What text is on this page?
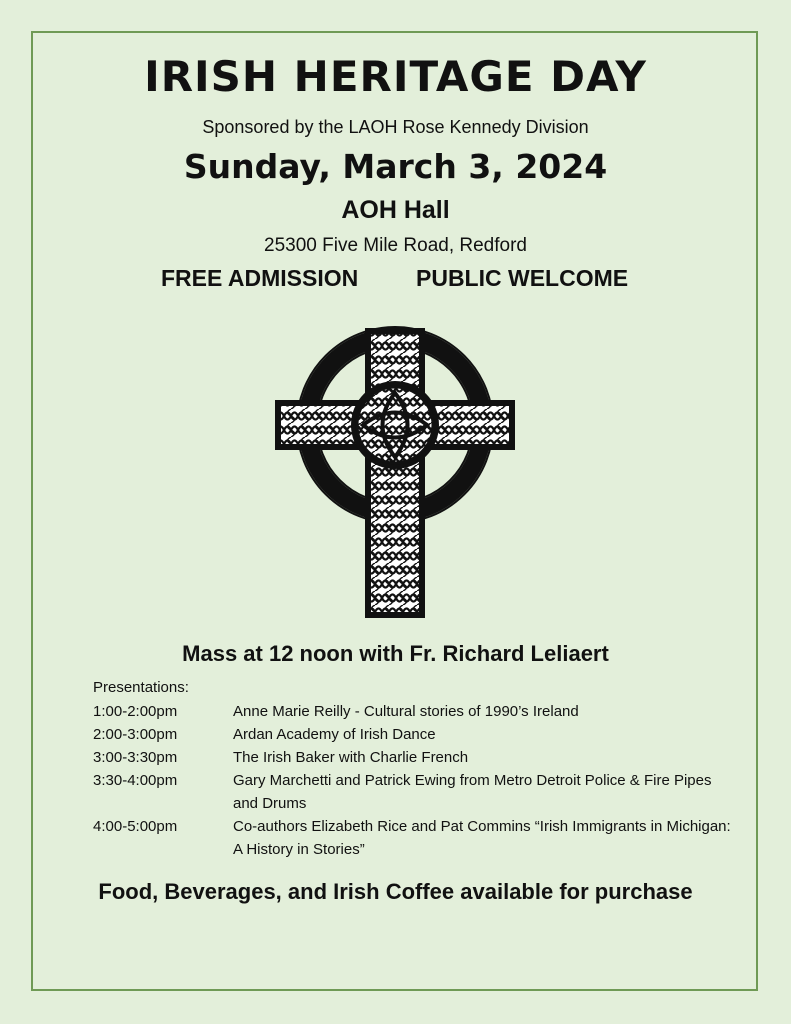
IRISH HERITAGE DAY
Sponsored by the LAOH Rose Kennedy Division
Sunday, March 3, 2024
AOH Hall
25300 Five Mile Road, Redford
FREE ADMISSION	PUBLIC WELCOME
Mass at 12 noon with Fr. Richard Leliaert
Presentations:
1:00-2:00pm	Anne Marie Reilly - Cultural stories of 1990’s Ireland
2:00-3:00pm	Ardan Academy of Irish Dance
3:00-3:30pm	The Irish Baker with Charlie French
3:30-4:00pm	Gary Marchetti and Patrick Ewing from Metro Detroit Police & Fire Pipes and Drums
4:00-5:00pm	Co-authors Elizabeth Rice and Pat Commins “Irish Immigrants in Michigan: A History in Stories”
Food, Beverages, and Irish Coffee available for purchase
